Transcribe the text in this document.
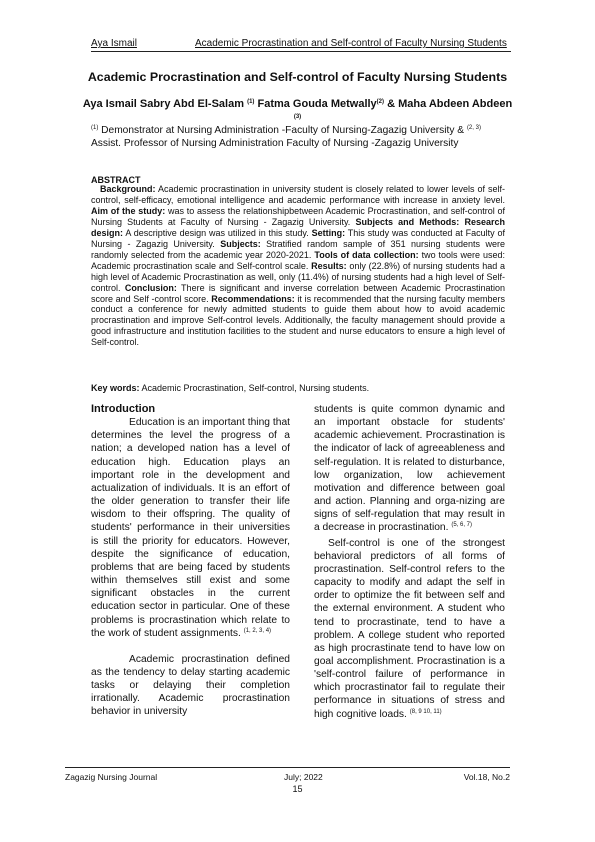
Aya Ismail	Academic Procrastination and Self-control of Faculty Nursing Students
Academic Procrastination and Self-control of Faculty Nursing Students
Aya Ismail Sabry Abd El-Salam $^{(1)}$ Fatma Gouda Metwally$^{(2)}$ & Maha Abdeen Abdeen $^{(3)}$
$^{(1)}$ Demonstrator at Nursing Administration -Faculty of Nursing-Zagazig University & $^{(2, 3)}$ Assist. Professor of Nursing Administration Faculty of Nursing -Zagazig University
ABSTRACT
Background: Academic procrastination in university student is closely related to lower levels of self-control, self-efficacy, emotional intelligence and academic performance with increase in anxiety level. Aim of the study: was to assess the relationshipbetween Academic Procrastination, and self-control of Nursing Students at Faculty of Nursing - Zagazig University. Subjects and Methods: Research design: A descriptive design was utilized in this study. Setting: This study was conducted at Faculty of Nursing - Zagazig University. Subjects: Stratified random sample of 351 nursing students were randomly selected from the academic year 2020-2021. Tools of data collection: two tools were used: Academic procrastination scale and Self-control scale. Results: only (22.8%) of nursing students had a high level of Academic Procrastination as well, only (11.4%) of nursing students had a high level of Self-control. Conclusion: There is significant and inverse correlation between Academic Procrastination score and Self -control score. Recommendations: it is recommended that the nursing faculty members conduct a conference for newly admitted students to guide them about how to avoid academic procrastination and improve Self-control levels. Additionally, the faculty management should provide a good infrastructure and institution facilities to the student and nurse educators to ensure a high level of Self-control.
Key words: Academic Procrastination, Self-control, Nursing students.

Introduction

Education is an important thing that determines the level the progress of a nation; a developed nation has a level of education high. Education plays an important role in the development and actualization of individuals. It is an effort of the older generation to transfer their life wisdom to their offspring. The quality of students' performance in their universities is still the priority for educators. However, despite the significance of education, problems that are being faced by students within themselves still exist and some significant obstacles in the current education sector in particular. One of these problems is procrastination which relate to the work of student assignments. $^{(1, 2, 3, 4)}$

Academic procrastination defined as the tendency to delay starting academic tasks or delaying their completion irrationally. Academic procrastination behavior in university

students is quite common dynamic and an important obstacle for students' academic achievement. Procrastination is the indicator of lack of agreeableness and self-regulation. It is related to disturbance, low organization, low achievement motivation and difference between goal and action. Planning and orga-nizing are signs of self-regulation that may result in a decrease in procrastination. $^{(5, 6, 7)}$

Self-control is one of the strongest behavioral predictors of all forms of procrastination. Self-control refers to the capacity to modify and adapt the self in order to optimize the fit between self and the external environment. A student who tend to procrastinate, tend to have a problem. A college student who reported as high procrastinate tend to have low on goal accomplishment. Procrastination is a 'self-control failure of performance in which procrastinator fail to regulate their performance in situations of stress and high cognitive loads. $^{(8, 9 10, 11)}$

Zagazig Nursing Journal	July; 2022	Vol.18, No.2
15
